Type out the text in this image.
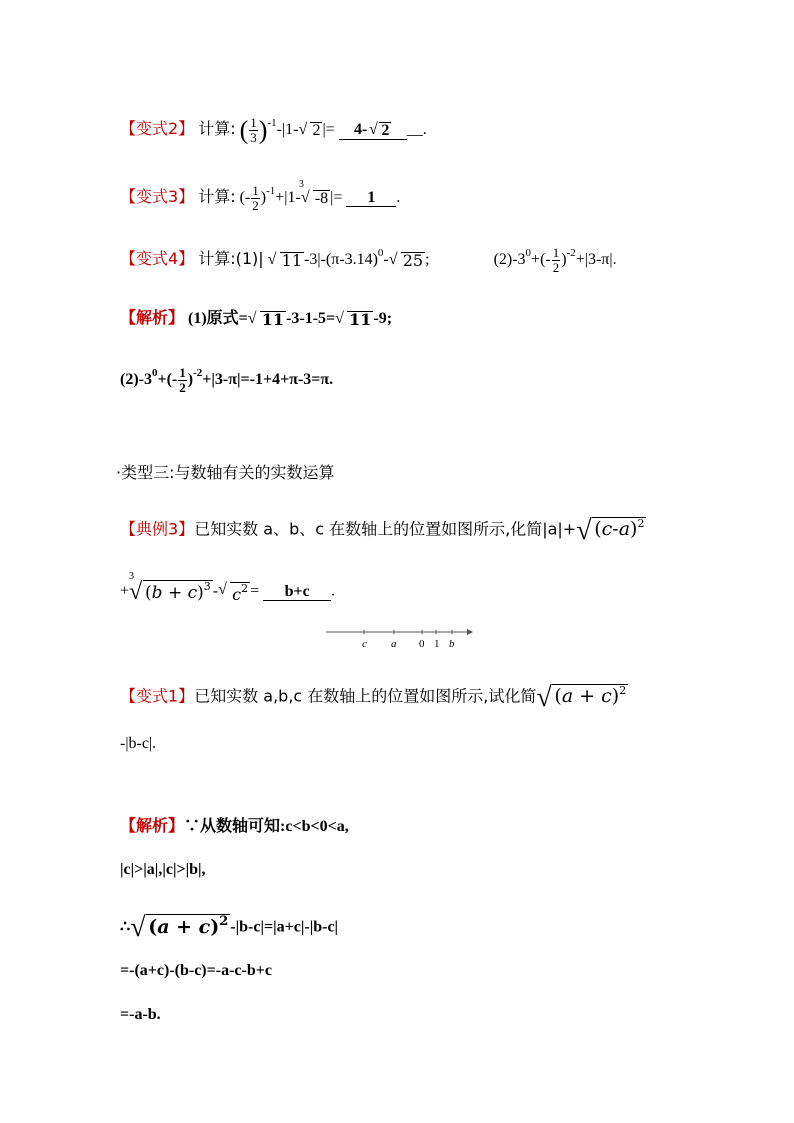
【变式2】 计算: ( $\frac{1}{3} )^{-1}-|1-$ √ 2 |= 4- √ 2 __.
【变式3】 计算: (- $\frac{1}{2} )^{-1}+|1-$
3
√ -8 |= 1 .
【变式4】 计算:(1)| √ 11 $-3|-(\pi-3.14)^0-$ √ 25 ;	$(2)-3^0+(- \frac{1}{2} )^{-2}+|3-\pi|$.
【解析】 (1)原式= √ 11 -3-1-5= √ 11 -9;
$(2)-3^0+(- \frac{1}{2} )^{-2}+|3-\pi|=-1+4+\pi-3=\pi$.
·类型三:与数轴有关的实数运算
【典例3】已知实数 a、b、c 在数轴上的位置如图所示,化简|a|+ √ $(c-a)^2$
+
3
√ $(b + c)^3$ - √ $c^2 = b+c$ .
c a 0 1 b
【变式1】已知实数 a,b,c 在数轴上的位置如图所示,试化简 √ $(a + c)^2$
-|b-c|.
【解析】∵从数轴可知:c<b<0<a,
|c|>|a|,|c|>|b|,
∴ √ $(a + c)^2$ -|b-c|=|a+c|-|b-c|
=-(a+c)-(b-c)=-a-c-b+c
=-a-b.
